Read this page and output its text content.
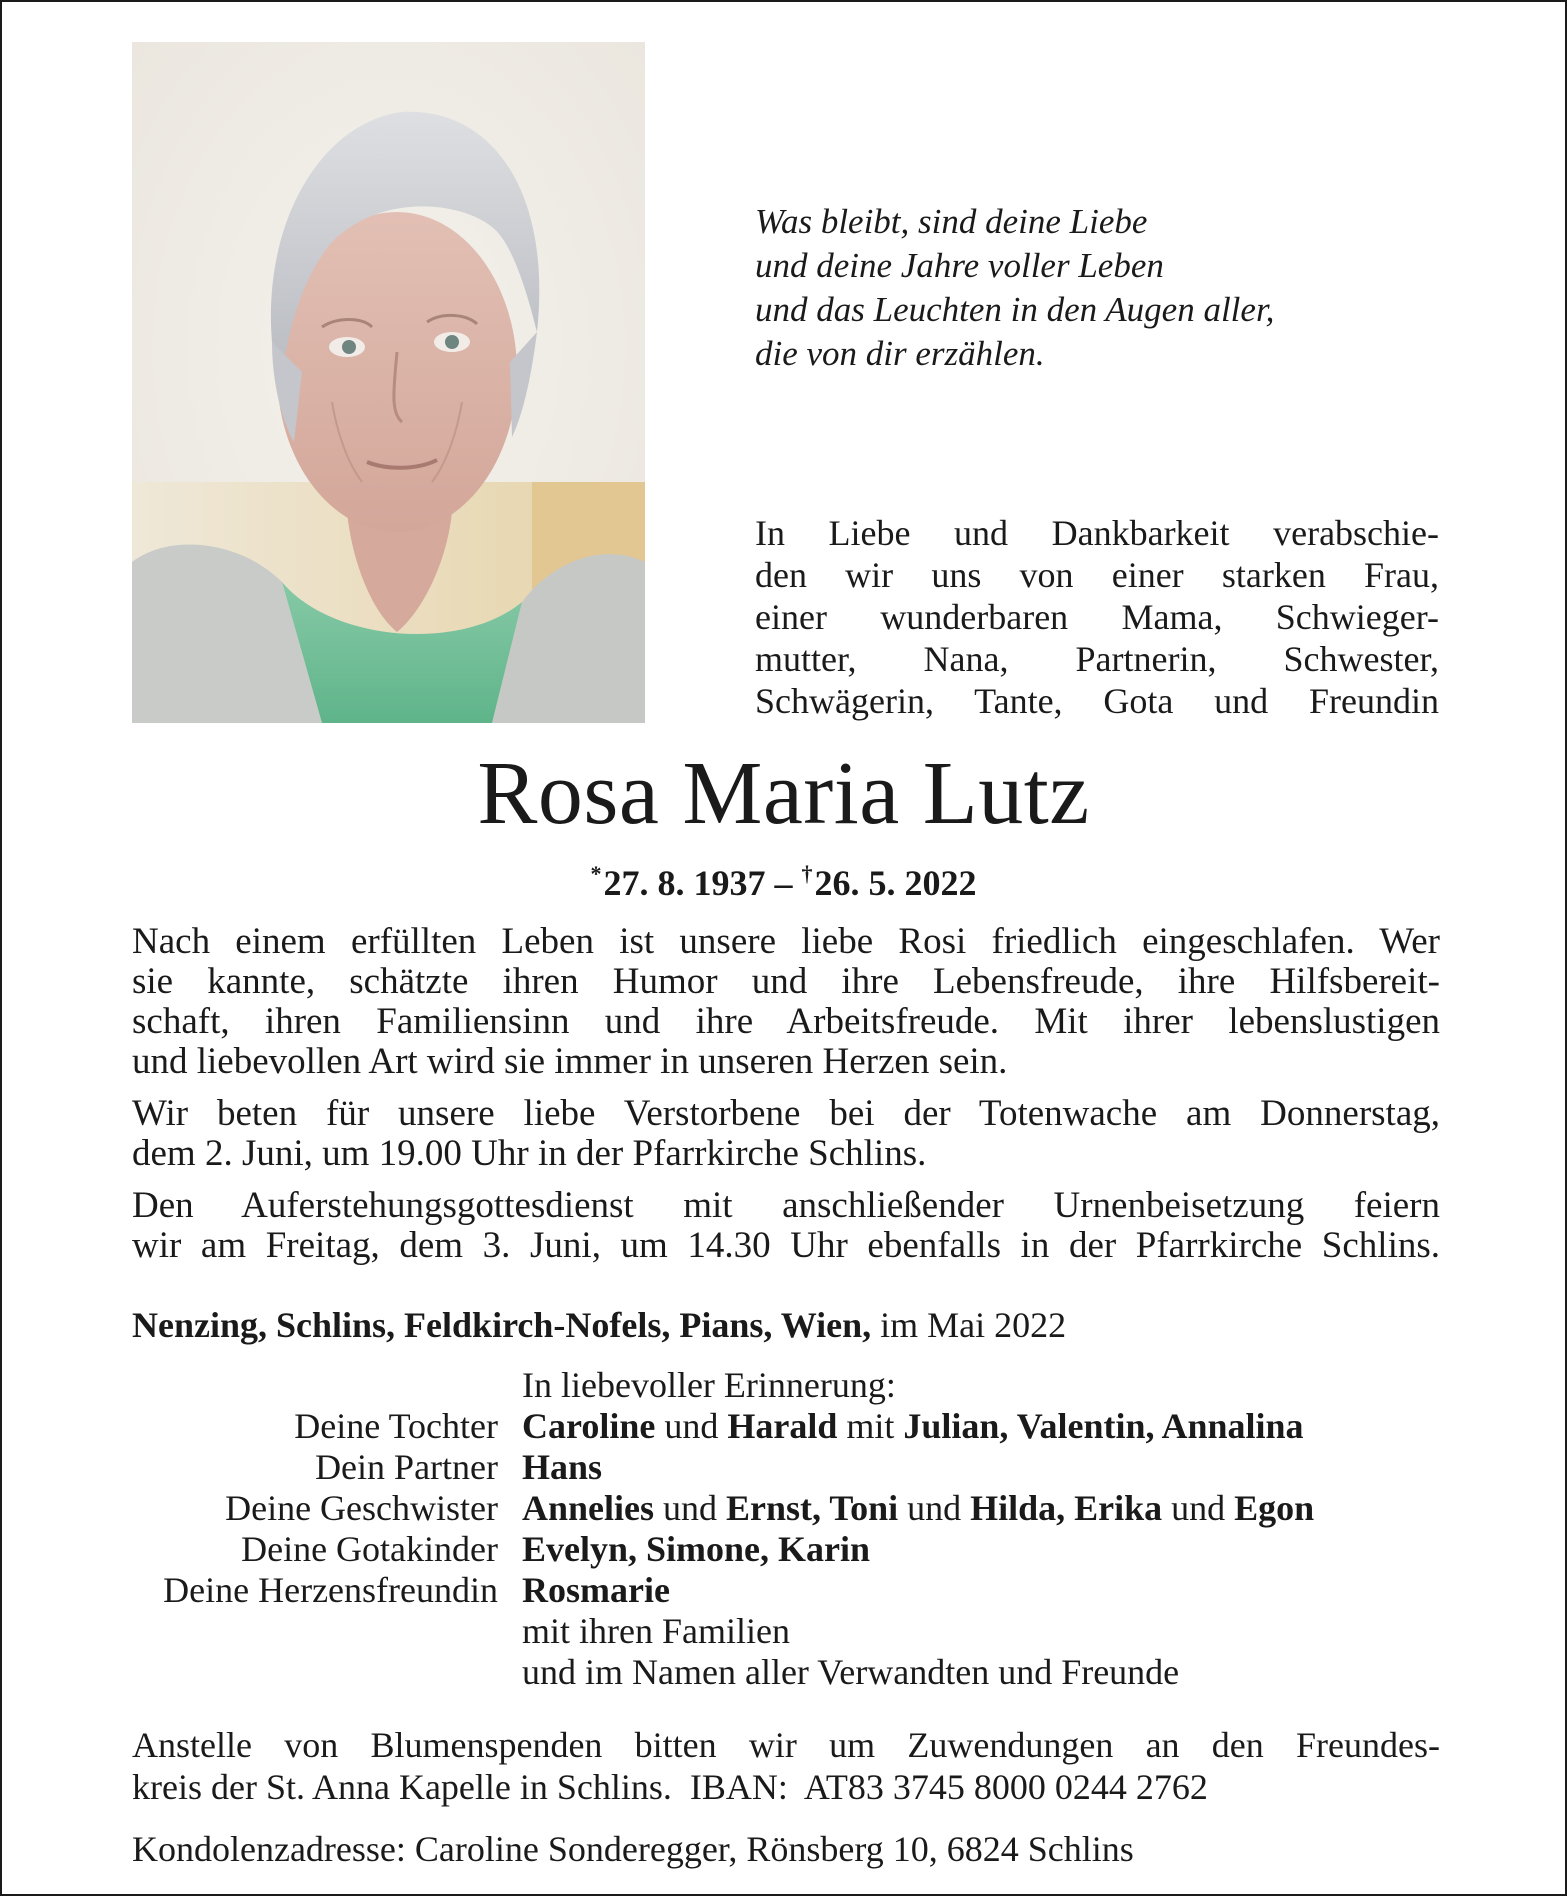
Was bleibt, sind deine Liebe
und deine Jahre voller Leben
und das Leuchten in den Augen aller,
die von dir erzählen.
In Liebe und Dankbarkeit verabschie-
den wir uns von einer starken Frau,
einer wunderbaren Mama, Schwieger-
mutter, Nana, Partnerin, Schwester,
Schwägerin, Tante, Gota und Freundin
Rosa Maria Lutz
*27. 8. 1937 – †26. 5. 2022
Nach einem erfüllten Leben ist unsere liebe Rosi friedlich eingeschlafen. Wer
sie kannte, schätzte ihren Humor und ihre Lebensfreude, ihre Hilfsbereit-
schaft, ihren Familiensinn und ihre Arbeitsfreude. Mit ihrer lebenslustigen
und liebevollen Art wird sie immer in unseren Herzen sein.
Wir beten für unsere liebe Verstorbene bei der Totenwache am Donnerstag,
dem 2. Juni, um 19.00 Uhr in der Pfarrkirche Schlins.
Den Auferstehungsgottesdienst mit anschließender Urnenbeisetzung feiern
wir am Freitag, dem 3. Juni, um 14.30 Uhr ebenfalls in der Pfarrkirche Schlins.
Nenzing, Schlins, Feldkirch-Nofels, Pians, Wien, im Mai 2022
In liebevoller Erinnerung:
Deine Tochter Caroline und Harald mit Julian, Valentin, Annalina
Dein Partner Hans
Deine Geschwister Annelies und Ernst, Toni und Hilda, Erika und Egon
Deine Gotakinder Evelyn, Simone, Karin
Deine Herzensfreundin Rosmarie
mit ihren Familien
und im Namen aller Verwandten und Freunde
Anstelle von Blumenspenden bitten wir um Zuwendungen an den Freundes-
kreis der St. Anna Kapelle in Schlins.  IBAN:  AT83 3745 8000 0244 2762
Kondolenzadresse: Caroline Sonderegger, Rönsberg 10, 6824 Schlins
